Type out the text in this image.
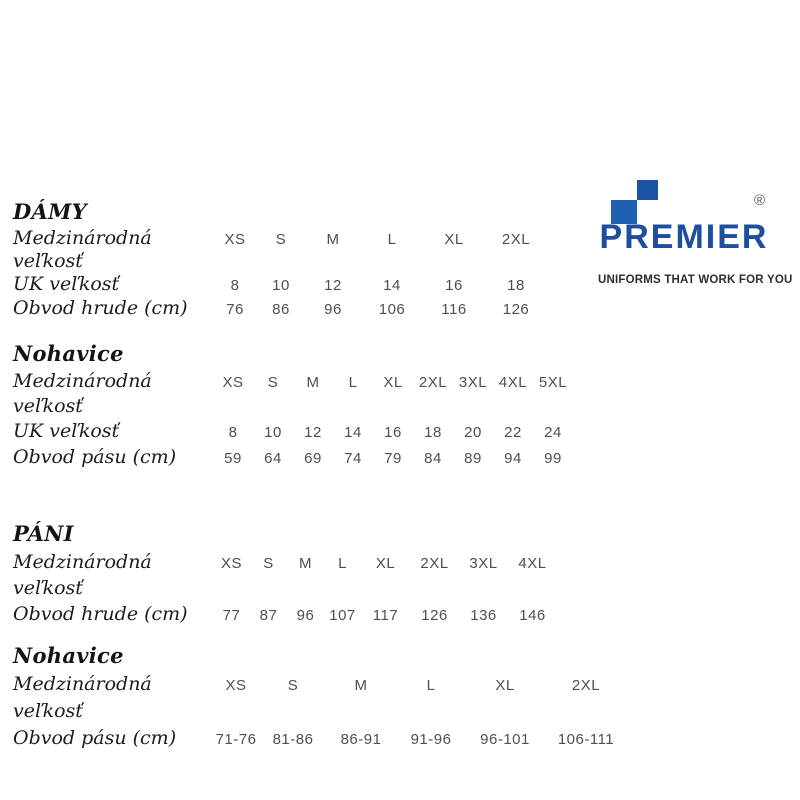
®
PREMIER
UNIFORMS THAT WORK FOR YOU
DÁMY
Medzinárodná veľkosť
XS S	M	L	XL	2XL
UK veľkosť	8 10 12	14	16	18
Obvod hrude (cm)	76 86 96 106 116 126
Nohavice
Medzinárodná veľkosť
XS S M L XL 2XL 3XL 4XL 5XL
UK veľkosť	8 10 12 14 16 18 20 22 24
Obvod pásu (cm)	59 64 69 74 79 84 89 94 99
PÁNI
Medzinárodná veľkosť
XS S M L XL 2XL 3XL 4XL
Obvod hrude (cm)	77 87 96 107 117 126 136 146
Nohavice
Medzinárodná veľkosť
XS	S	M	L	XL	2XL
Obvod pásu (cm)	71-76 81-86 86-91 91-96 96-101 106-111
